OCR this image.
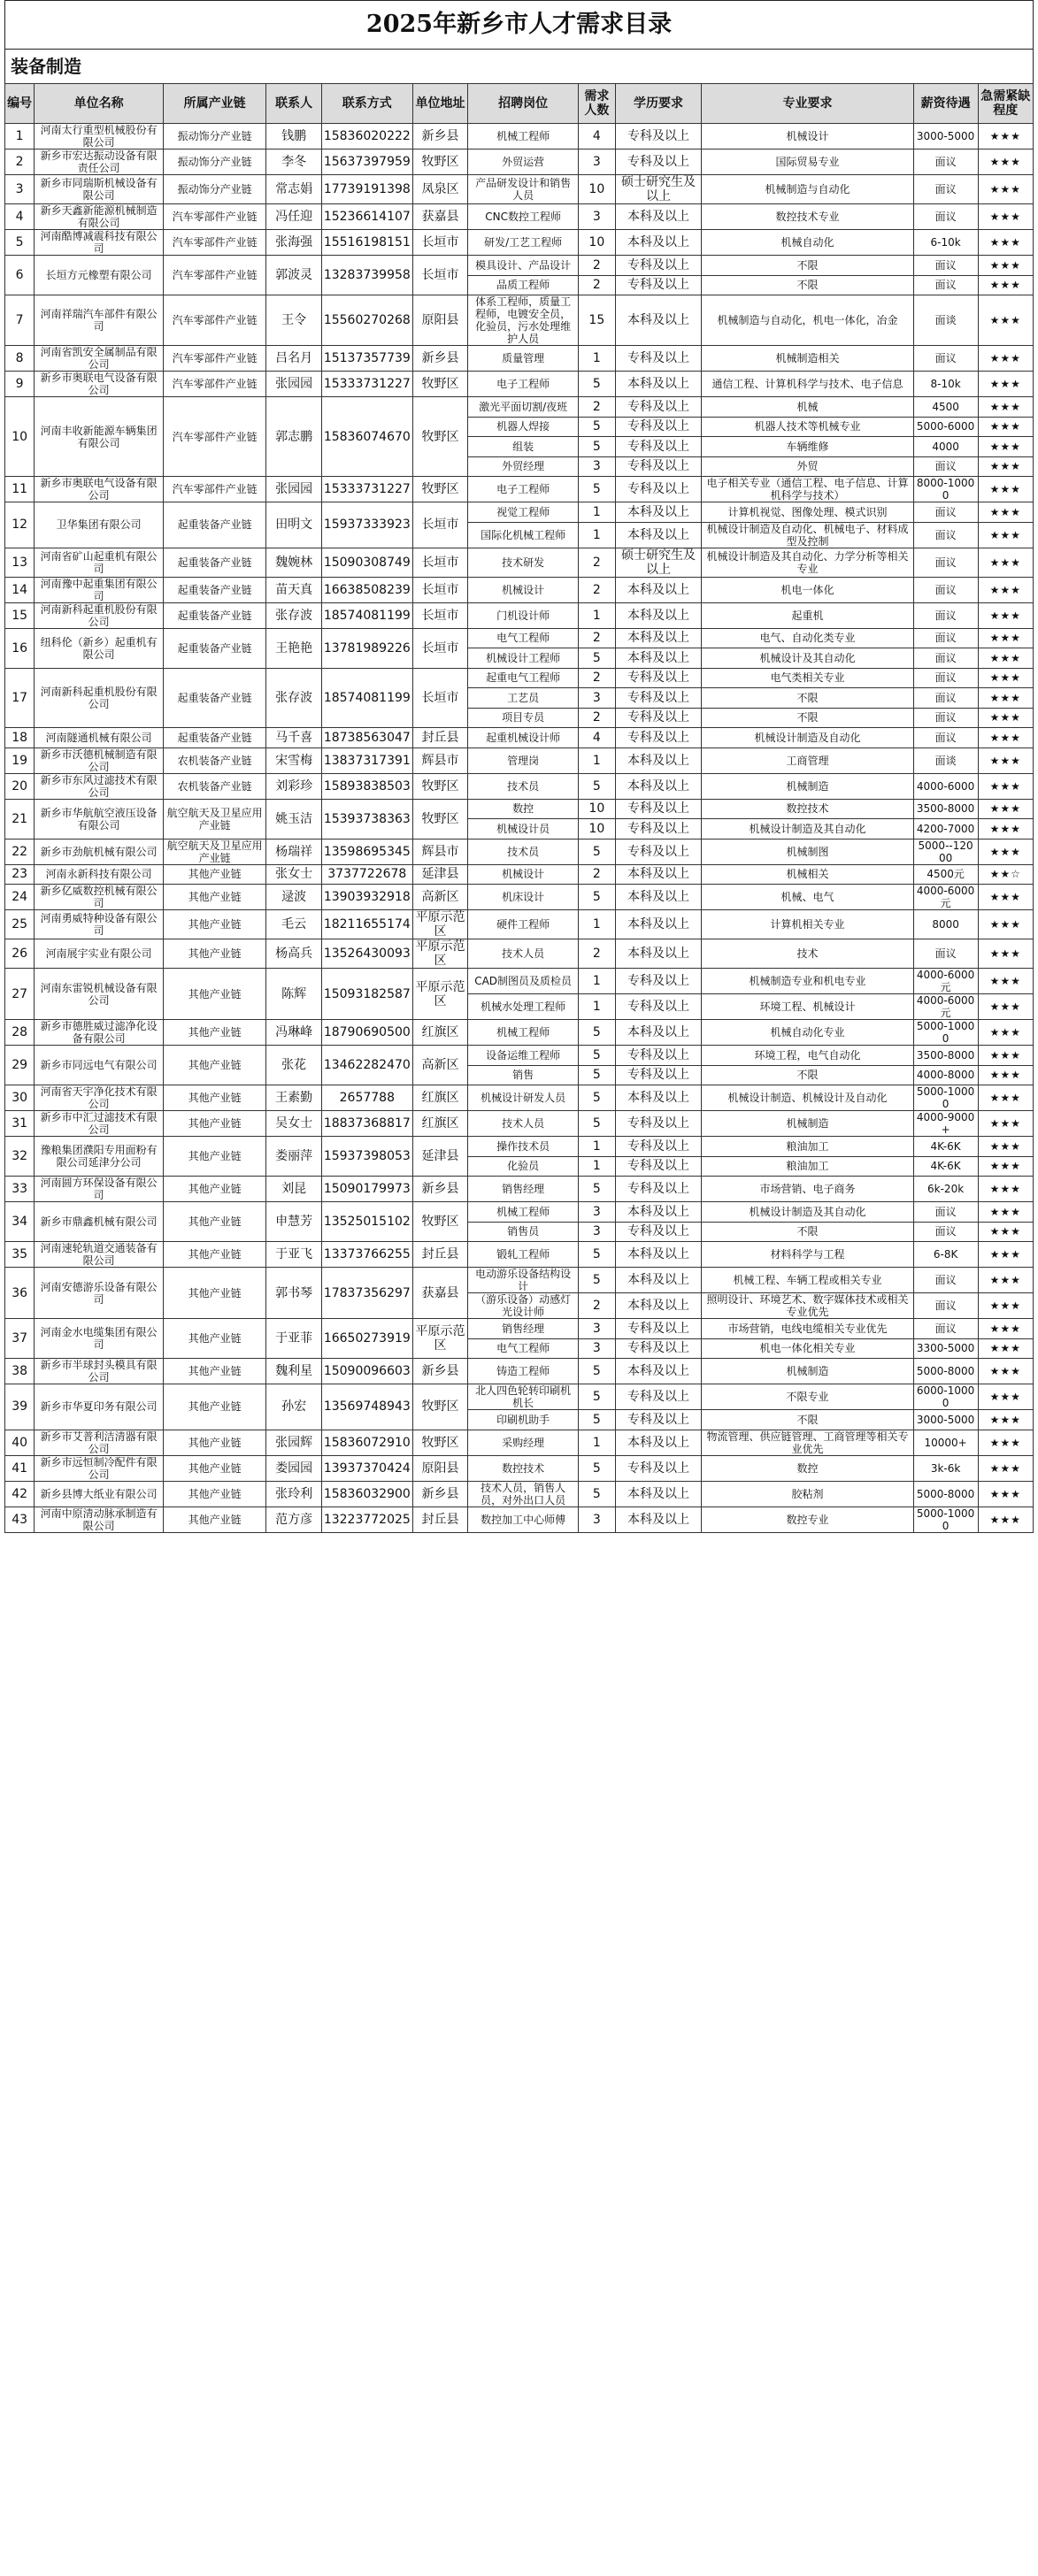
2025年新乡市人才需求目录
装备制造
编号	单位名称	所属产业链	联系人	联系方式	单位地址	招聘岗位	需求人数	学历要求	专业要求	薪资待遇	急需紧缺程度
1	河南太行重型机械股份有限公司	振动饰分产业链	钱鹏	15836020222	新乡县	机械工程师	4	专科及以上	机械设计	3000-5000	★★★
2	新乡市宏达振动设备有限责任公司	振动饰分产业链	李冬	15637397959	牧野区	外贸运营	3	专科及以上	国际贸易专业	面议	★★★
3	新乡市同瑞斯机械设备有限公司	振动饰分产业链	常志娟	17739191398	凤泉区	产品研发设计和销售人员	10	硕士研究生及以上	机械制造与自动化	面议	★★★
4	新乡天鑫新能源机械制造有限公司	汽车零部件产业链	冯任迎	15236614107	获嘉县	CNC数控工程师	3	本科及以上	数控技术专业	面议	★★★
5	河南酷博减震科技有限公司	汽车零部件产业链	张海强	15516198151	长垣市	研发/工艺工程师	10	本科及以上	机械自动化	6-10k	★★★
6	长垣方元橡塑有限公司	汽车零部件产业链	郭波灵	13283739958	长垣市	模具设计、产品设计	2	专科及以上	不限	面议	★★★
						品质工程师	2	专科及以上	不限	面议	★★★
7	河南祥瑞汽车部件有限公司	汽车零部件产业链	王令	15560270268	原阳县	体系工程师，质量工程师，电镀安全员，化验员，污水处理维护人员	15	本科及以上	机械制造与自动化，机电一体化，冶金	面谈	★★★
8	河南省凯安全属制品有限公司	汽车零部件产业链	吕名月	15137357739	新乡县	质量管理	1	专科及以上	机械制造相关	面议	★★★
9	新乡市奥联电气设备有限公司	汽车零部件产业链	张园园	15333731227	牧野区	电子工程师	5	本科及以上	通信工程、计算机科学与技术、电子信息	8-10k	★★★
10	河南丰收新能源车辆集团有限公司	汽车零部件产业链	郭志鹏	15836074670	牧野区	激光平面切割/夜班	2	专科及以上	机械	4500	★★★
						机器人焊接	5	专科及以上	机器人技术等机械专业	5000-6000	★★★
						组装	5	专科及以上	车辆维修	4000	★★★
						外贸经理	3	专科及以上	外贸	面议	★★★
11	新乡市奥联电气设备有限公司	汽车零部件产业链	张园园	15333731227	牧野区	电子工程师	5	专科及以上	电子相关专业（通信工程、电子信息、计算机科学与技术）	8000-10000	★★★
12	卫华集团有限公司	起重装备产业链	田明文	15937333923	长垣市	视觉工程师	1	本科及以上	计算机视觉、图像处理、模式识别	面议	★★★
						国际化机械工程师	1	本科及以上	机械设计制造及自动化、机械电子、材料成型及控制	面议	★★★
13	河南省矿山起重机有限公司	起重装备产业链	魏婉林	15090308749	长垣市	技术研发	2	硕士研究生及以上	机械设计制造及其自动化、力学分析等相关专业	面议	★★★
14	河南豫中起重集团有限公司	起重装备产业链	苗天真	16638508239	长垣市	机械设计	2	本科及以上	机电一体化	面议	★★★
15	河南新科起重机股份有限公司	起重装备产业链	张存波	18574081199	长垣市	门机设计师	1	本科及以上	起重机	面议	★★★
16	纽科伦（新乡）起重机有限公司	起重装备产业链	王艳艳	13781989226	长垣市	电气工程师	2	本科及以上	电气、自动化类专业	面议	★★★
						机械设计工程师	5	本科及以上	机械设计及其自动化	面议	★★★
17	河南新科起重机股份有限公司	起重装备产业链	张存波	18574081199	长垣市	起重电气工程师	2	专科及以上	电气类相关专业	面议	★★★
						工艺员	3	专科及以上	不限	面议	★★★
						项目专员	2	专科及以上	不限	面议	★★★
18	河南隧通机械有限公司	起重装备产业链	马千喜	18738563047	封丘县	起重机械设计师	4	专科及以上	机械设计制造及自动化	面议	★★★
19	新乡市沃德机械制造有限公司	农机装备产业链	宋雪梅	13837317391	辉县市	管理岗	1	本科及以上	工商管理	面谈	★★★
20	新乡市东风过滤技术有限公司	农机装备产业链	刘彩珍	15893838503	牧野区	技术员	5	本科及以上	机械制造	4000-6000	★★★
21	新乡市华航航空液压设备有限公司	航空航天及卫星应用产业链	姚玉洁	15393738363	牧野区	数控	10	专科及以上	数控技术	3500-8000	★★★
						机械设计员	10	专科及以上	机械设计制造及其自动化	4200-7000	★★★
22	新乡市劲航机械有限公司	航空航天及卫星应用产业链	杨瑞祥	13598695345	辉县市	技术员	5	专科及以上	机械制图	5000--12000	★★★
23	河南永新科技有限公司	其他产业链	张女士	3737722678	延津县	机械设计	2	本科及以上	机械相关	4500元	★★☆
24	新乡亿威数控机械有限公司	其他产业链	逯波	13903932918	高新区	机床设计	5	本科及以上	机械、电气	4000-6000元	★★★
25	河南勇威特种设备有限公司	其他产业链	毛云	18211655174	平原示范区	硬件工程师	1	本科及以上	计算机相关专业	8000	★★★
26	河南展宇实业有限公司	其他产业链	杨高兵	13526430093	平原示范区	技术人员	2	本科及以上	技术	面议	★★★
27	河南东雷锐机械设备有限公司	其他产业链	陈辉	15093182587	平原示范区	CAD制图员及质检员	1	专科及以上	机械制造专业和机电专业	4000-6000元	★★★
						机械水处理工程师	1	专科及以上	环境工程、机械设计	4000-6000元	★★★
28	新乡市德胜威过滤净化设备有限公司	其他产业链	冯琳峰	18790690500	红旗区	机械工程师	5	本科及以上	机械自动化专业	5000-10000	★★★
29	新乡市同远电气有限公司	其他产业链	张花	13462282470	高新区	设备运维工程师	5	专科及以上	环境工程，电气自动化	3500-8000	★★★
						销售	5	专科及以上	不限	4000-8000	★★★
30	河南省天宇净化技术有限公司	其他产业链	王素勤	2657788	红旗区	机械设计研发人员	5	本科及以上	机械设计制造、机械设计及自动化	5000-10000	★★★
31	新乡市中汇过滤技术有限公司	其他产业链	吴女士	18837368817	红旗区	技术人员	5	专科及以上	机械制造	4000-9000+	★★★
32	豫粮集团濮阳专用面粉有限公司延津分公司	其他产业链	娄丽萍	15937398053	延津县	操作技术员	1	专科及以上	粮油加工	4K-6K	★★★
						化验员	1	专科及以上	粮油加工	4K-6K	★★★
33	河南圆方环保设备有限公司	其他产业链	刘昆	15090179973	新乡县	销售经理	5	专科及以上	市场营销、电子商务	6k-20k	★★★
34	新乡市鼎鑫机械有限公司	其他产业链	申慧芳	13525015102	牧野区	机械工程师	3	本科及以上	机械设计制造及其自动化	面议	★★★
						销售员	3	专科及以上	不限	面议	★★★
35	河南速轮轨道交通装备有限公司	其他产业链	于亚飞	13373766255	封丘县	锻轧工程师	5	本科及以上	材料科学与工程	6-8K	★★★
36	河南安德游乐设备有限公司	其他产业链	郭书琴	17837356297	获嘉县	电动游乐设备结构设计	5	本科及以上	机械工程、车辆工程或相关专业	面议	★★★
						（游乐设备）动感灯光设计师	2	本科及以上	照明设计、环境艺术、数字媒体技术或相关专业优先	面议	★★★
37	河南金水电缆集团有限公司	其他产业链	于亚菲	16650273919	平原示范区	销售经理	3	专科及以上	市场营销，电线电缆相关专业优先	面议	★★★
						电气工程师	3	专科及以上	机电一体化相关专业	3300-5000	★★★
38	新乡市半球封头模具有限公司	其他产业链	魏利星	15090096603	新乡县	铸造工程师	5	本科及以上	机械制造	5000-8000	★★★
39	新乡市华夏印务有限公司	其他产业链	孙宏	13569748943	牧野区	北人四色轮转印刷机机长	5	专科及以上	不限专业	6000-10000	★★★
						印刷机助手	5	专科及以上	不限	3000-5000	★★★
40	新乡市艾普利洁清器有限公司	其他产业链	张园辉	15836072910	牧野区	采购经理	1	本科及以上	物流管理、供应链管理、工商管理等相关专业优先	10000+	★★★
41	新乡市远恒制冷配件有限公司	其他产业链	娄园园	13937370424	原阳县	数控技术	5	专科及以上	数控	3k-6k	★★★
42	新乡县博大纸业有限公司	其他产业链	张玲利	15836032900	新乡县	技术人员，销售人员，对外出口人员	5	本科及以上	胶粘剂	5000-8000	★★★
43	河南中原清动脉承制造有限公司	其他产业链	范方彦	13223772025	封丘县	数控加工中心师傅	3	本科及以上	数控专业	5000-10000	★★★
